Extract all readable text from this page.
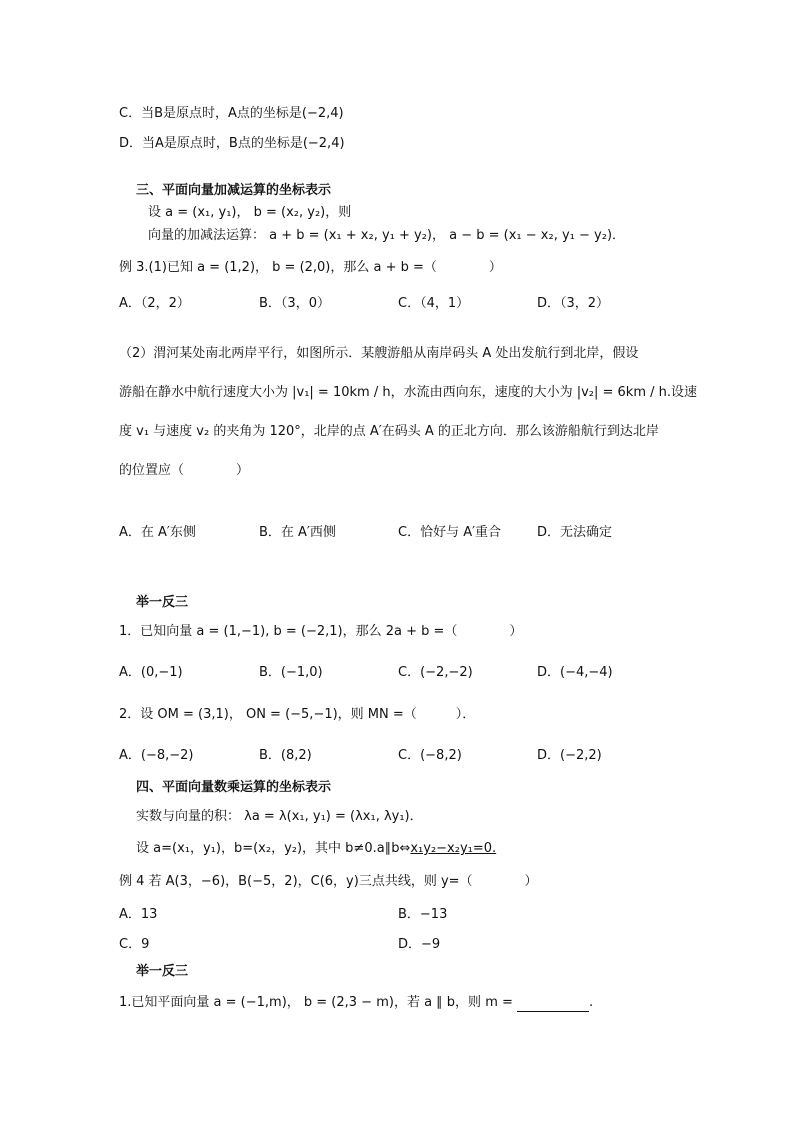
C．当B是原点时，A点的坐标是(−2,4)
D．当A是原点时，B点的坐标是(−2,4)
三、平面向量加减运算的坐标表示
设 a = (x₁, y₁)， b = (x₂, y₂)，则
向量的加减法运算： a + b = (x₁ + x₂, y₁ + y₂)， a − b = (x₁ − x₂, y₁ − y₂)．
例 3.(1)已知 a = (1,2)， b = (2,0)，那么 a + b =（　　　　）
A．（2，2）	B．（3，0）	C．（4，1）	D．（3，2）
（2）渭河某处南北两岸平行，如图所示．某艘游船从南岸码头 A 处出发航行到北岸，假设
游船在静水中航行速度大小为 |v₁| = 10km / h，水流由西向东，速度的大小为 |v₂| = 6km / h.设速
度 v₁ 与速度 v₂ 的夹角为 120°，北岸的点 A′在码头 A 的正北方向．那么该游船航行到达北岸
的位置应（　　　　）
A．在 A′东侧	B．在 A′西侧	C．恰好与 A′重合	D．无法确定
举一反三
1．已知向量 a = (1,−1), b = (−2,1)，那么 2a + b =（　　　　）
A．(0,−1)	B．(−1,0)	C．(−2,−2)	D．(−4,−4)
2．设 OM = (3,1)， ON = (−5,−1)，则 MN =（　　　）．
A．(−8,−2)	B．(8,2)	C．(−8,2)	D．(−2,2)
四、平面向量数乘运算的坐标表示
实数与向量的积： λa = λ(x₁, y₁) = (λx₁, λy₁)．
设 a=(x₁，y₁)，b=(x₂，y₂)，其中 b≠0.a∥b⇔x₁y₂−x₂y₁=0.
例 4 若 A(3，−6)，B(−5，2)，C(6，y)三点共线，则 y=（　　　　）
A．13	B．−13
C．9	D．−9
举一反三
1.已知平面向量 a = (−1,m)， b = (2,3 − m)，若 a ∥ b，则 m =	.
